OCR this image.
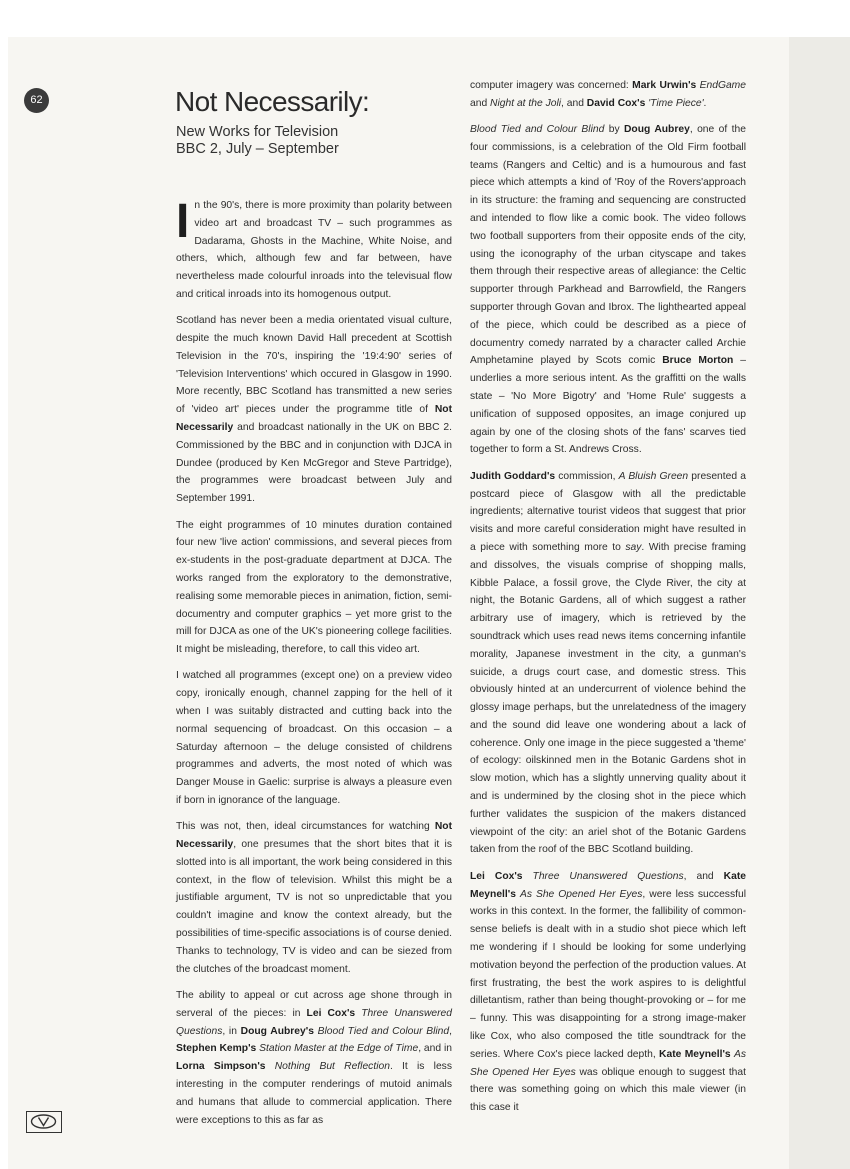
62	Not Necessarily:
New Works for Television
BBC 2, July – September

In the 90's, there is more proximity than polarity between video art and broadcast TV – such programmes as Dadarama, Ghosts in the Machine, White Noise, and others, which, although few and far between, have nevertheless made colourful inroads into the televisual flow and critical inroads into its homogenous output.

Scotland has never been a media orientated visual culture, despite the much known David Hall precedent at Scottish Television in the 70's, inspiring the '19:4:90' series of 'Television Interventions' which occured in Glasgow in 1990. More recently, BBC Scotland has transmitted a new series of 'video art' pieces under the programme title of Not Necessarily and broadcast nationally in the UK on BBC 2. Commissioned by the BBC and in conjunction with DJCA in Dundee (produced by Ken McGregor and Steve Partridge), the programmes were broadcast between July and September 1991.

The eight programmes of 10 minutes duration contained four new 'live action' commissions, and several pieces from ex-students in the post-graduate department at DJCA. The works ranged from the exploratory to the demonstrative, realising some memorable pieces in animation, fiction, semi-documentry and computer graphics – yet more grist to the mill for DJCA as one of the UK's pioneering college facilities. It might be misleading, therefore, to call this video art.

I watched all programmes (except one) on a preview video copy, ironically enough, channel zapping for the hell of it when I was suitably distracted and cutting back into the normal sequencing of broadcast. On this occasion – a Saturday afternoon – the deluge consisted of childrens programmes and adverts, the most noted of which was Danger Mouse in Gaelic: surprise is always a pleasure even if born in ignorance of the language.

This was not, then, ideal circumstances for watching Not Necessarily, one presumes that the short bites that it is slotted into is all important, the work being considered in this context, in the flow of television. Whilst this might be a justifiable argument, TV is not so unpredictable that you couldn't imagine and know the context already, but the possibilities of time-specific associations is of course denied. Thanks to technology, TV is video and can be siezed from the clutches of the broadcast moment.

The ability to appeal or cut across age shone through in serveral of the pieces: in Lei Cox's Three Unanswered Questions, in Doug Aubrey's Blood Tied and Colour Blind, Stephen Kemp's Station Master at the Edge of Time, and in Lorna Simpson's Nothing But Reflection. It is less interesting in the computer renderings of mutoid animals and humans that allude to commercial application. There were exceptions to this as far as

computer imagery was concerned: Mark Urwin's EndGame and Night at the Joli, and David Cox's 'Time Piece'.

Blood Tied and Colour Blind by Doug Aubrey, one of the four commissions, is a celebration of the Old Firm football teams (Rangers and Celtic) and is a humourous and fast piece which attempts a kind of 'Roy of the Rovers'approach in its structure: the framing and sequencing are constructed and intended to flow like a comic book. The video follows two football supporters from their opposite ends of the city, using the iconography of the urban cityscape and takes them through their respective areas of allegiance: the Celtic supporter through Parkhead and Barrowfield, the Rangers supporter through Govan and Ibrox. The lighthearted appeal of the piece, which could be described as a piece of documentry comedy narrated by a character called Archie Amphetamine played by Scots comic Bruce Morton – underlies a more serious intent. As the graffitti on the walls state – 'No More Bigotry' and 'Home Rule' suggests a unification of supposed opposites, an image conjured up again by one of the closing shots of the fans' scarves tied together to form a St. Andrews Cross.

Judith Goddard's commission, A Bluish Green presented a postcard piece of Glasgow with all the predictable ingredients; alternative tourist videos that suggest that prior visits and more careful consideration might have resulted in a piece with something more to say. With precise framing and dissolves, the visuals comprise of shopping malls, Kibble Palace, a fossil grove, the Clyde River, the city at night, the Botanic Gardens, all of which suggest a rather arbitrary use of imagery, which is retrieved by the soundtrack which uses read news items concerning infantile morality, Japanese investment in the city, a gunman's suicide, a drugs court case, and domestic stress. This obviously hinted at an undercurrent of violence behind the glossy image perhaps, but the unrelatedness of the imagery and the sound did leave one wondering about a lack of coherence. Only one image in the piece suggested a 'theme' of ecology: oilskinned men in the Botanic Gardens shot in slow motion, which has a slightly unnerving quality about it and is undermined by the closing shot in the piece which further validates the suspicion of the makers distanced viewpoint of the city: an ariel shot of the Botanic Gardens taken from the roof of the BBC Scotland building.

Lei Cox's Three Unanswered Questions, and Kate Meynell's As She Opened Her Eyes, were less successful works in this context. In the former, the fallibility of common-sense beliefs is dealt with in a studio shot piece which left me wondering if I should be looking for some underlying motivation beyond the perfection of the production values. At first frustrating, the best the work aspires to is delightful dilletantism, rather than being thought-provoking or – for me – funny. This was disappointing for a strong image-maker like Cox, who also composed the title soundtrack for the series. Where Cox's piece lacked depth, Kate Meynell's As She Opened Her Eyes was oblique enough to suggest that there was something going on which this male viewer (in this case it
